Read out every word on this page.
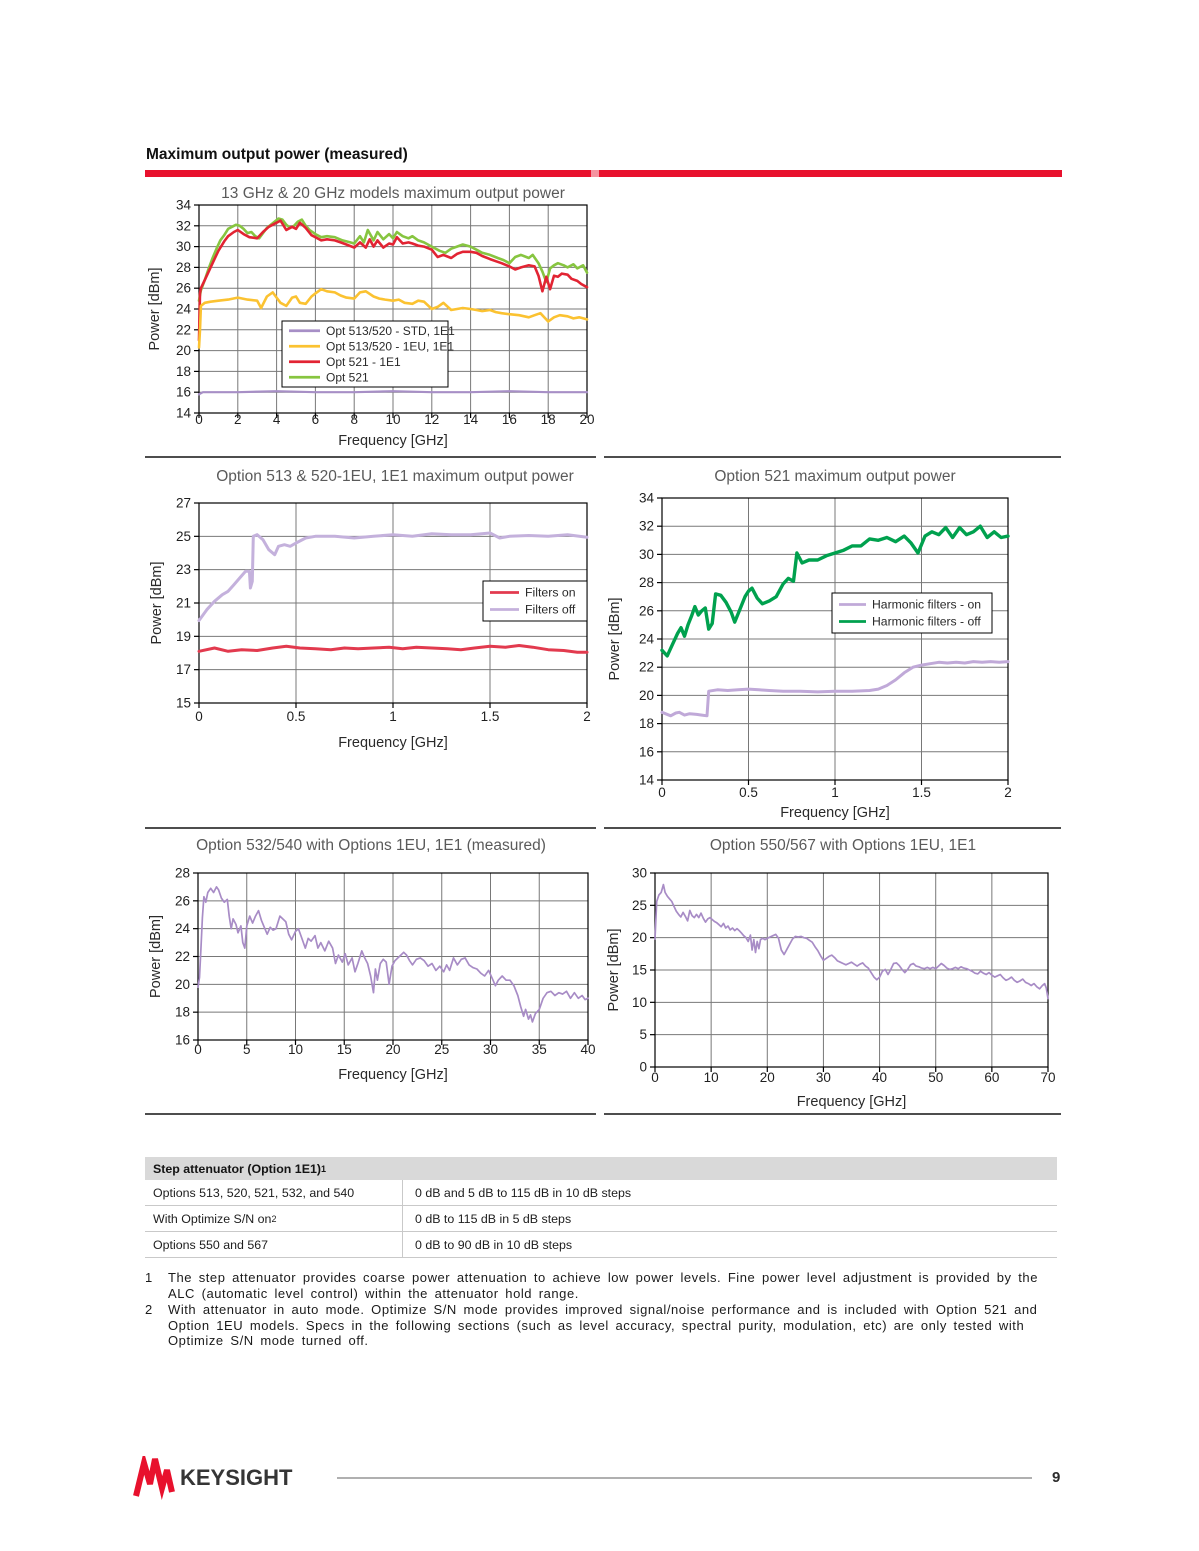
Maximum output power (measured)
0 2 4 6 8 10 12 14 16 18 20
14
16
18
20
22
24
26
28
30
32
34
13 GHz & 20 GHz models maximum output power
Frequency [GHz]
Power [dBm]	Opt 513/520 - STD, 1E1
Opt 513/520 - 1EU, 1E1
Opt 521 - 1E1
Opt 521
0	0.5	1	1.5	2
15
17
19
21
23
25
27
Option 513 & 520-1EU, 1E1 maximum output power
Frequency [GHz]
Power [dBm]	Filters on
Filters off
0	0.5	1	1.5	2
14
16
18
20
22
24
26
28
30
32
34
Option 521 maximum output power
Frequency [GHz]
Power [dBm]	Harmonic filters - on
Harmonic filters - off
0	5	10 15 20 25 30 35 40
16
18
20
22
24
26
28
Option 532/540 with Options 1EU, 1E1 (measured)
Frequency [GHz]
Power [dBm]
0	10	20	30	40	50	60	70
0
5
10
15
20
25
30
Option 550/567 with Options 1EU, 1E1
Frequency [GHz]
Power [dBm]
Step attenuator (Option 1E1) 1
Options 513, 520, 521, 532, and 540	0 dB and 5 dB to 115 dB in 10 dB steps
With Optimize S/N on 2	0 dB to 115 dB in 5 dB steps
Options 550 and 567	0 dB to 90 dB in 10 dB steps
1	The step attenuator provides coarse power attenuation to achieve low power levels. Fine power level adjustment is provided by the ALC (automatic level control) within the attenuator hold range.
2	With attenuator in auto mode. Optimize S/N mode provides improved signal/noise performance and is included with Option 521 and Option 1EU models. Specs in the following sections (such as level accuracy, spectral purity, modulation, etc) are only tested with Optimize S/N mode turned off.
KEYSIGHT	9
